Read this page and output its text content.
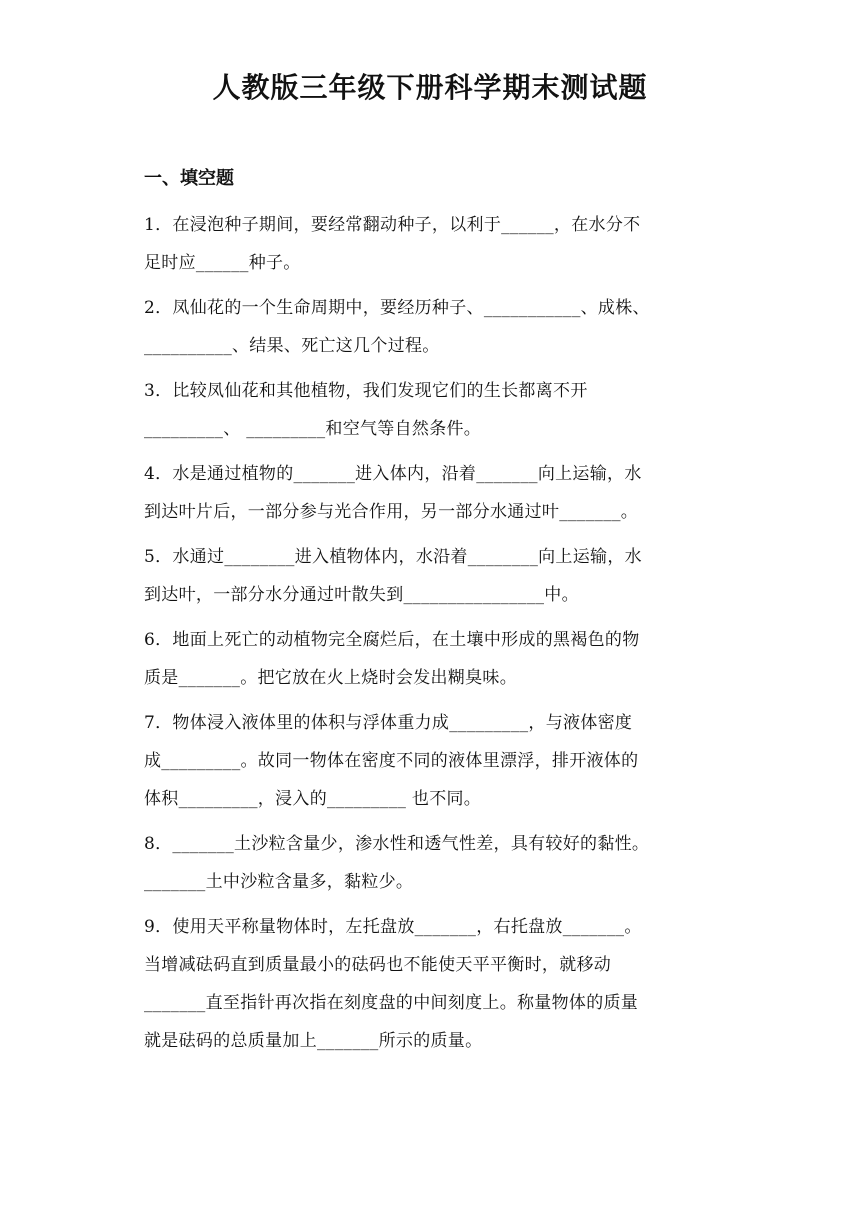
人教版三年级下册科学期末测试题
一、填空题
1．在浸泡种子期间，要经常翻动种子，以利于______，在水分不
足时应______种子。
2．凤仙花的一个生命周期中，要经历种子、___________、成株、
__________、结果、死亡这几个过程。
3．比较凤仙花和其他植物，我们发现它们的生长都离不开
_________、 _________和空气等自然条件。
4．水是通过植物的_______进入体内，沿着_______向上运输，水
到达叶片后，一部分参与光合作用，另一部分水通过叶_______。
5．水通过________进入植物体内，水沿着________向上运输，水
到达叶，一部分水分通过叶散失到________________中。
6．地面上死亡的动植物完全腐烂后，在土壤中形成的黑褐色的物
质是_______。把它放在火上烧时会发出糊臭味。
7．物体浸入液体里的体积与浮体重力成_________，与液体密度
成_________。故同一物体在密度不同的液体里漂浮，排开液体的
体积_________，浸入的_________ 也不同。
8．_______土沙粒含量少，渗水性和透气性差，具有较好的黏性。
_______土中沙粒含量多，黏粒少。
9．使用天平称量物体时，左托盘放_______，右托盘放_______。
当增减砝码直到质量最小的砝码也不能使天平平衡时，就移动
_______直至指针再次指在刻度盘的中间刻度上。称量物体的质量
就是砝码的总质量加上_______所示的质量。
